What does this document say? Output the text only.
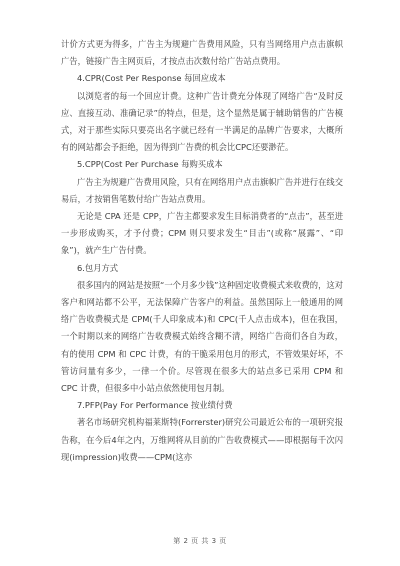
计价方式更为得多，广告主为规避广告费用风险，只有当网络用户点击旗帜广告，链接广告主网页后，才按点击次数付给广告站点费用。

4.CPR(Cost Per Response 每回应成本

以浏览者的每一个回应计费。这种广告计费充分体现了网络广告“及时反应、直接互动、准确记录”的特点，但是，这个显然是属于辅助销售的广告模式，对于那些实际只要亮出名字就已经有一半满足的品牌广告要求，大概所有的网站都会予拒绝，因为得到广告费的机会比CPC还要渺茫。

5.CPP(Cost Per Purchase 每购买成本

广告主为规避广告费用风险，只有在网络用户点击旗帜广告并进行在线交易后，才按销售笔数付给广告站点费用。

无论是 CPA 还是 CPP，广告主都要求发生目标消费者的“点击”，甚至进一步形成购买，才予付费；CPM 则只要求发生“目击”(或称“展露”、“印象”)，就产生广告付费。

6.包月方式

很多国内的网站是按照“一个月多少钱”这种固定收费模式来收费的，这对客户和网站都不公平，无法保障广告客户的利益。虽然国际上一般通用的网络广告收费模式是 CPM(千人印象成本)和 CPC(千人点击成本)，但在我国，一个时期以来的网络广告收费模式始终含糊不清，网络广告商们各自为政，有的使用 CPM 和 CPC 计费，有的干脆采用包月的形式，不管效果好坏，不管访问量有多少，一律一个价。尽管现在很多大的站点多已采用 CPM 和 CPC 计费，但很多中小站点依然使用包月制。

7.PFP(Pay For Performance 按业绩付费

著名市场研究机构福莱斯特(Forrerster)研究公司最近公布的一项研究报告称，在今后4年之内，万维网将从目前的广告收费模式——即根据每千次闪现(impression)收费——CPM(这亦

第 2 页 共 3 页
